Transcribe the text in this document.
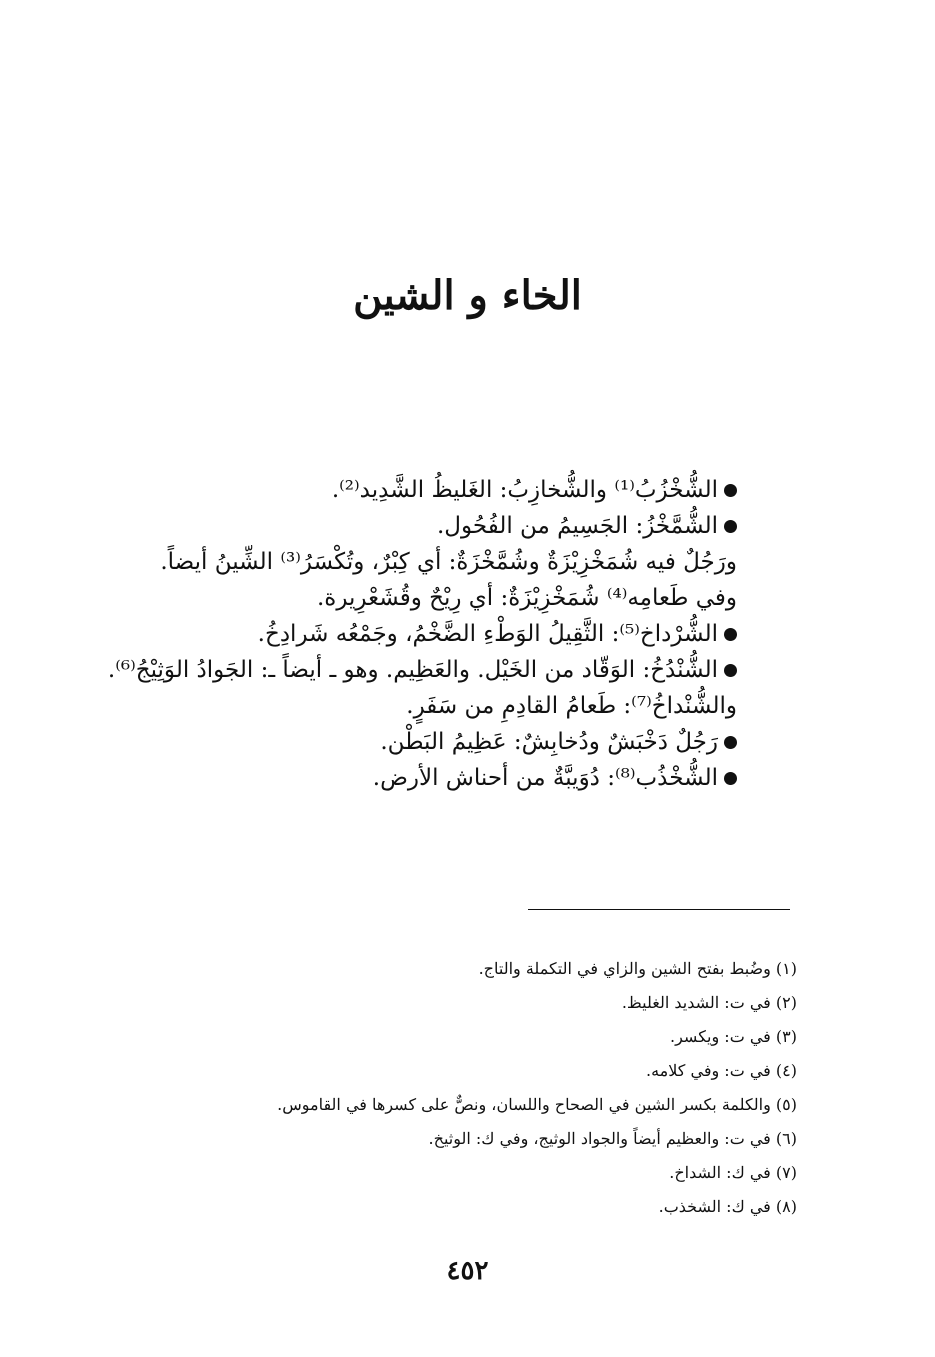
الخاء و الشين
الشُّخْزُبُ⁽¹⁾ والشُّخازِبُ: الغَليظُ الشَّدِيد⁽²⁾.
الشُّمَّخْزُ: الجَسِيمُ من الفُحُول.
ورَجُلٌ فيه شُمَخْزِيْزَةٌ وشُمَّخْزَةٌ: أي كِبْرٌ، وتُكْسَرُ⁽³⁾ الشِّينُ أيضاً.
وفي طَعامِه⁽⁴⁾ شُمَخْزِيْزَةٌ: أي رِيْحٌ وقُشَعْرِيرة.
الشُّرْداخ⁽⁵⁾: الثَّقِيلُ الوَطْءِ الضَّخْمُ، وجَمْعُه شَرادِخُ.
الشُّنْدُخُ: الوَقّاد من الخَيْل. والعَظِيم. وهو ـ أيضاً ـ: الجَوادُ الوَثِيْجُ⁽⁶⁾.
والشُّنْداخُ⁽⁷⁾: طَعامُ القادِمِ من سَفَرٍ.
رَجُلٌ دَخْبَشٌ ودُخابِشٌ: عَظِيمُ البَطْن.
الشُّخْذُب⁽⁸⁾: دُوَيبَّةٌ من أحناش الأرض.
(١) وضُبط بفتح الشين والزاي في التكملة والتاج.
(٢) في ت: الشديد الغليظ.
(٣) في ت: ويكسر.
(٤) في ت: وفي كلامه.
(٥) والكلمة بكسر الشين في الصحاح واللسان، ونصٌّ على كسرها في القاموس.
(٦) في ت: والعظيم أيضاً والجواد الوثيج، وفي ك: الوثيخ.
(٧) في ك: الشداخ.
(٨) في ك: الشخذب.
٤٥٢
